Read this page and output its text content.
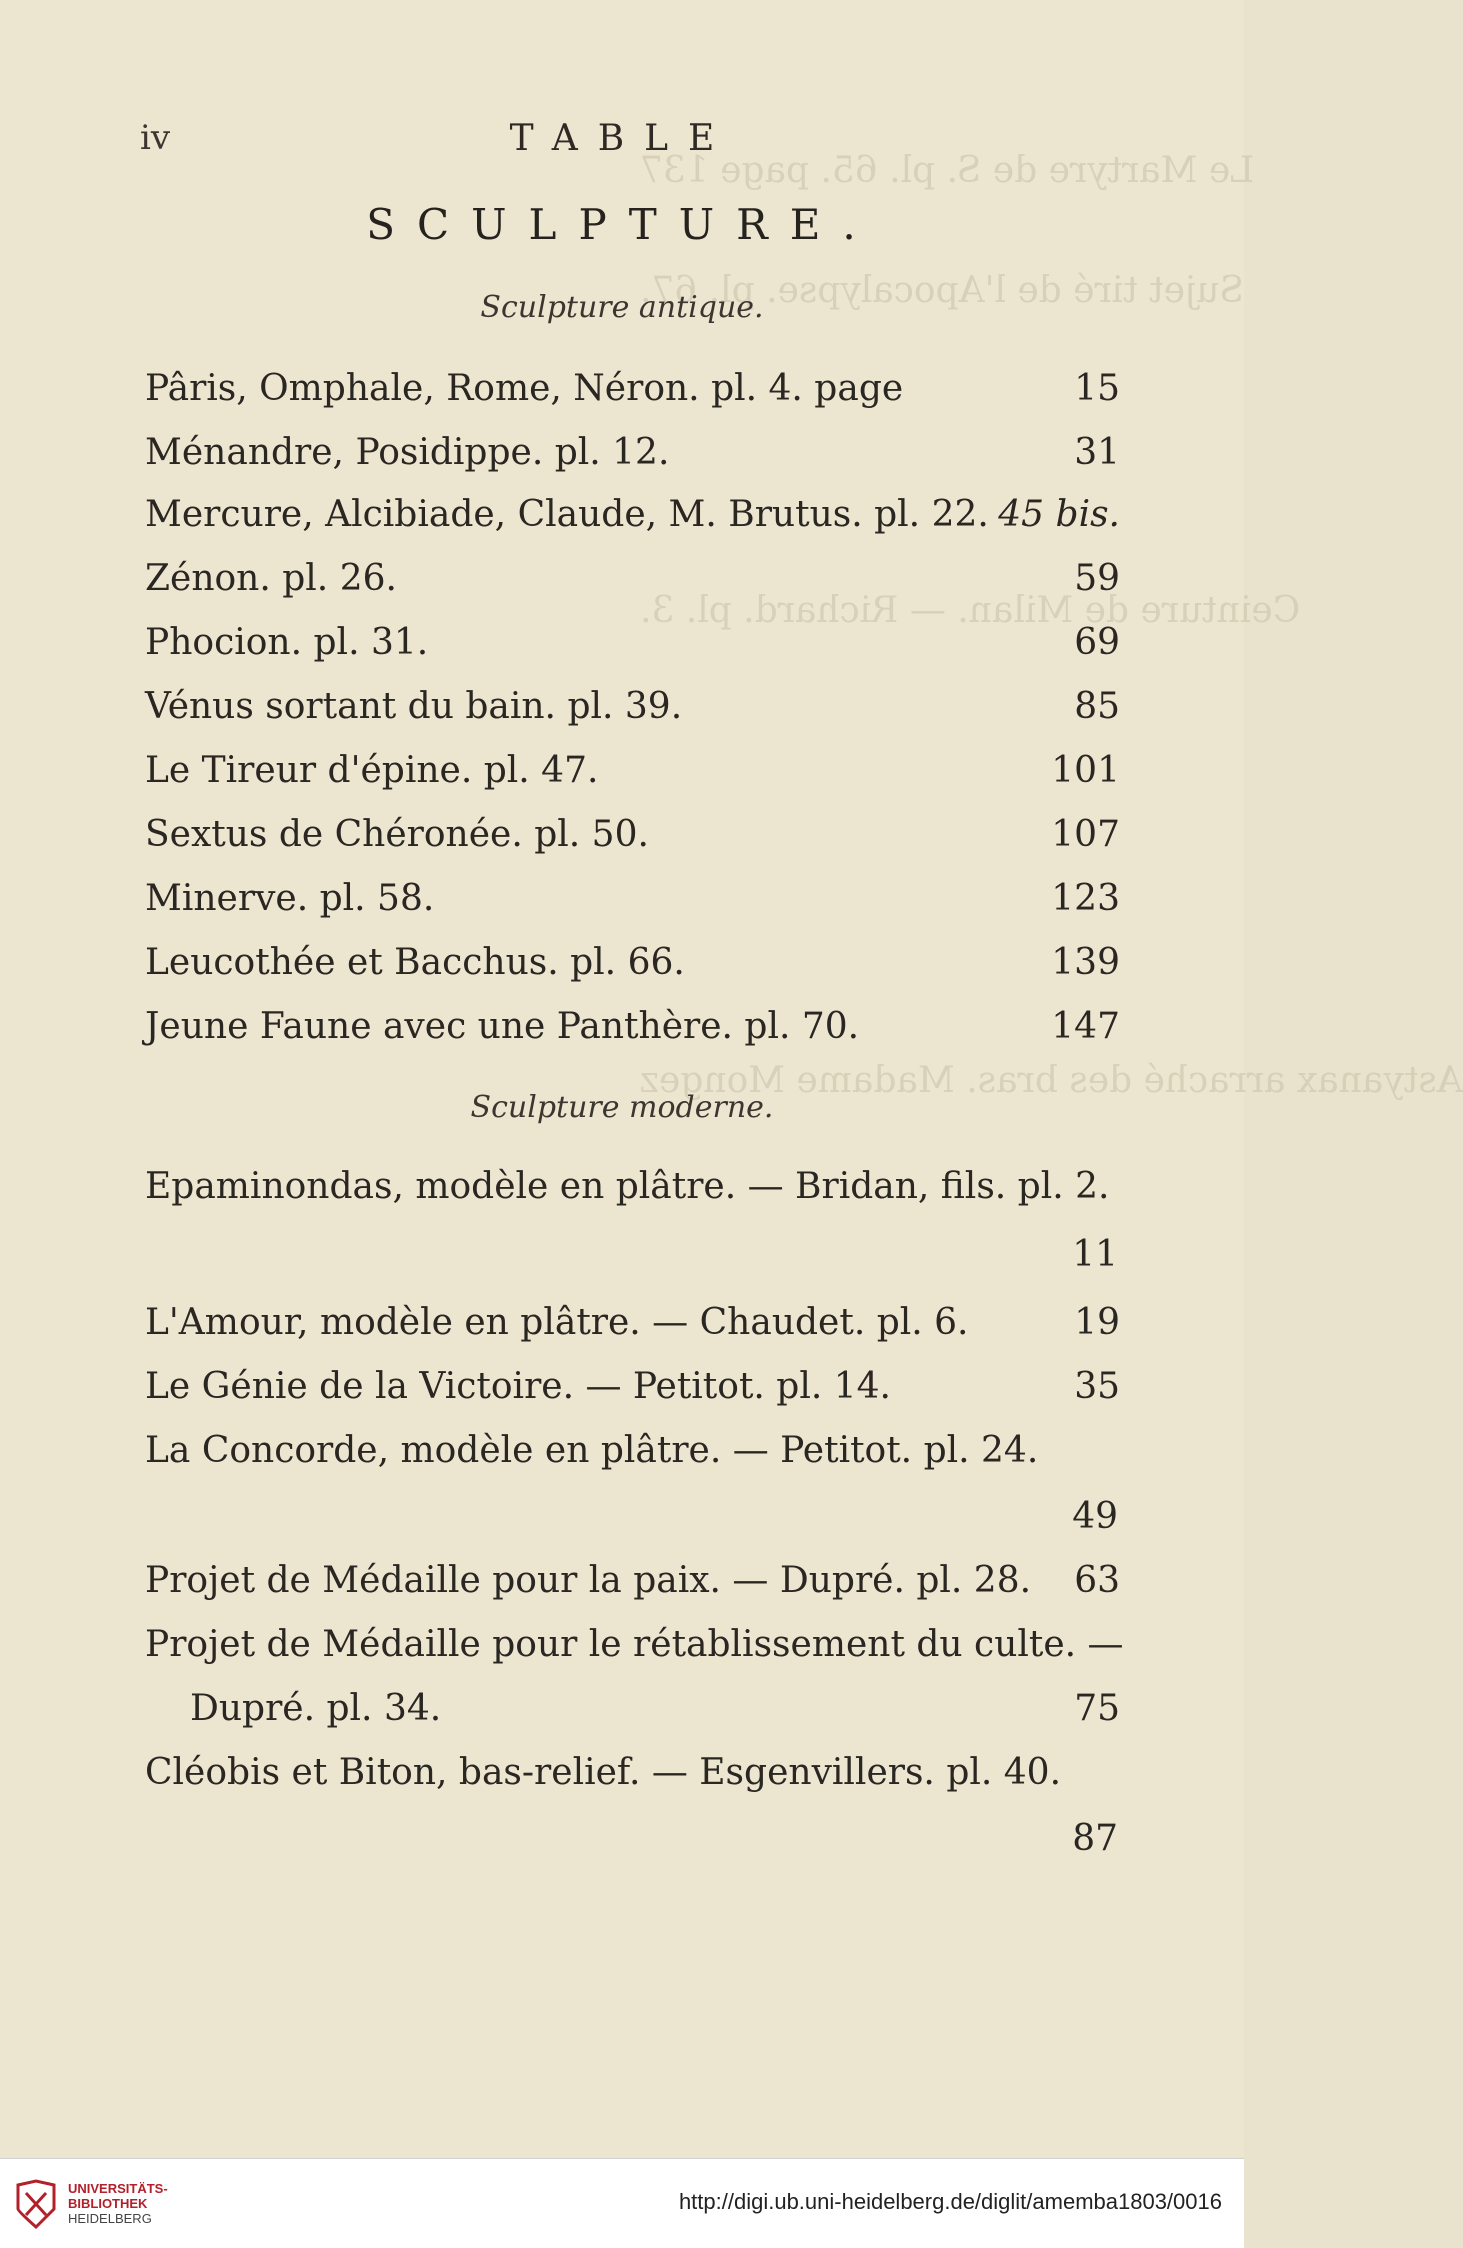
Le Martyre de S. pl. 65. page 137
Sujet tiré de l'Apocalypse. pl. 67.
Ceinture de Milan. — Richard. pl. 3.
Astyanax arraché des bras. Madame Mongez
iv	TABLE
SCULPTURE.
Sculpture antique.
Pâris, Omphale, Rome, Néron. pl. 4. page	15
Ménandre, Posidippe. pl. 12.	31
Mercure, Alcibiade, Claude, M. Brutus. pl. 22. 45 bis.
Zénon. pl. 26.	59
Phocion. pl. 31.	69
Vénus sortant du bain. pl. 39.	85
Le Tireur d'épine. pl. 47.	101
Sextus de Chéronée. pl. 50.	107
Minerve. pl. 58.	123
Leucothée et Bacchus. pl. 66.	139
Jeune Faune avec une Panthère. pl. 70.	147
Sculpture moderne.
Epaminondas, modèle en plâtre. — Bridan, fils. pl. 2.
11
L'Amour, modèle en plâtre. — Chaudet. pl. 6.	19
Le Génie de la Victoire. — Petitot. pl. 14.	35
La Concorde, modèle en plâtre. — Petitot. pl. 24.
49
Projet de Médaille pour la paix. — Dupré. pl. 28. 63
Projet de Médaille pour le rétablissement du culte. —
Dupré. pl. 34.	75
Cléobis et Biton, bas-relief. — Esgenvillers. pl. 40.
87
UNIVERSITÄTS-
BIBLIOTHEK
HEIDELBERG
http://digi.ub.uni-heidelberg.de/diglit/amemba1803/0016
